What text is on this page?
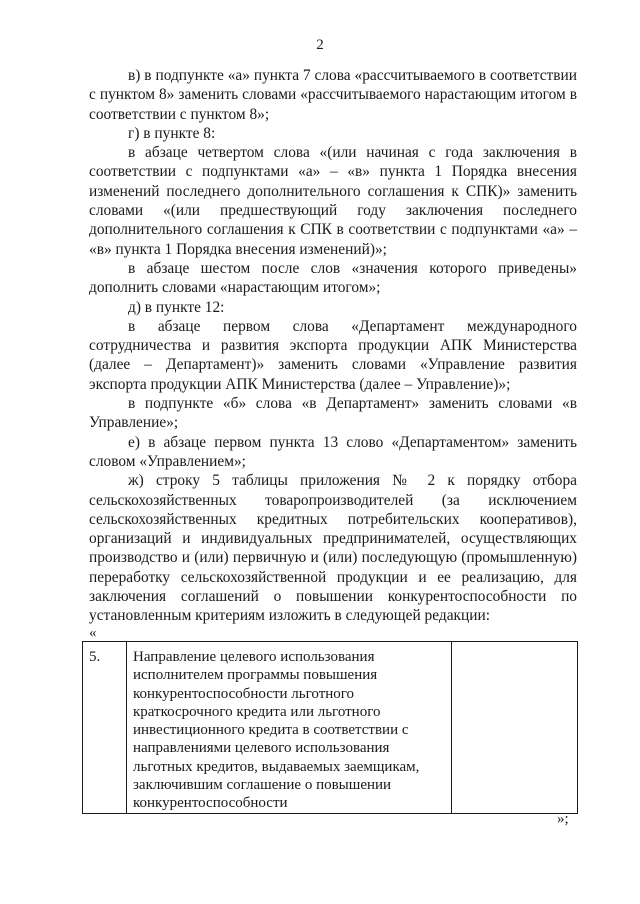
2

в) в подпункте «а» пункта 7 слова «рассчитываемого в соответствии с пунктом 8» заменить словами «рассчитываемого нарастающим итогом в соответствии с пунктом 8»;

г) в пункте 8:

в абзаце четвертом слова «(или начиная с года заключения в соответствии с подпунктами «а» – «в» пункта 1 Порядка внесения изменений последнего дополнительного соглашения к СПК)» заменить словами «(или предшествующий году заключения последнего дополнительного соглашения к СПК в соответствии с подпунктами «а» – «в» пункта 1 Порядка внесения изменений)»;

в абзаце шестом после слов «значения которого приведены» дополнить словами «нарастающим итогом»;

д) в пункте 12:

в абзаце первом слова «Департамент международного сотрудничества и развития экспорта продукции АПК Министерства (далее – Департамент)» заменить словами «Управление развития экспорта продукции АПК Министерства (далее – Управление)»;

в подпункте «б» слова «в Департамент» заменить словами «в Управление»;

е) в абзаце первом пункта 13 слово «Департаментом» заменить словом «Управлением»;

ж) строку 5 таблицы приложения № 2 к порядку отбора сельскохозяйственных товаропроизводителей (за исключением сельскохозяйственных кредитных потребительских кооперативов), организаций и индивидуальных предпринимателей, осуществляющих производство и (или) первичную и (или) последующую (промышленную) переработку сельскохозяйственной продукции и ее реализацию, для заключения соглашений о повышении конкурентоспособности по установленным критериям изложить в следующей редакции:

«
5.	Направление целевого использования исполнителем программы повышения конкурентоспособности льготного краткосрочного кредита или льготного инвестиционного кредита в соответствии с направлениями целевого использования льготных кредитов, выдаваемых заемщикам, заключившим соглашение о повышении конкурентоспособности	
»;
